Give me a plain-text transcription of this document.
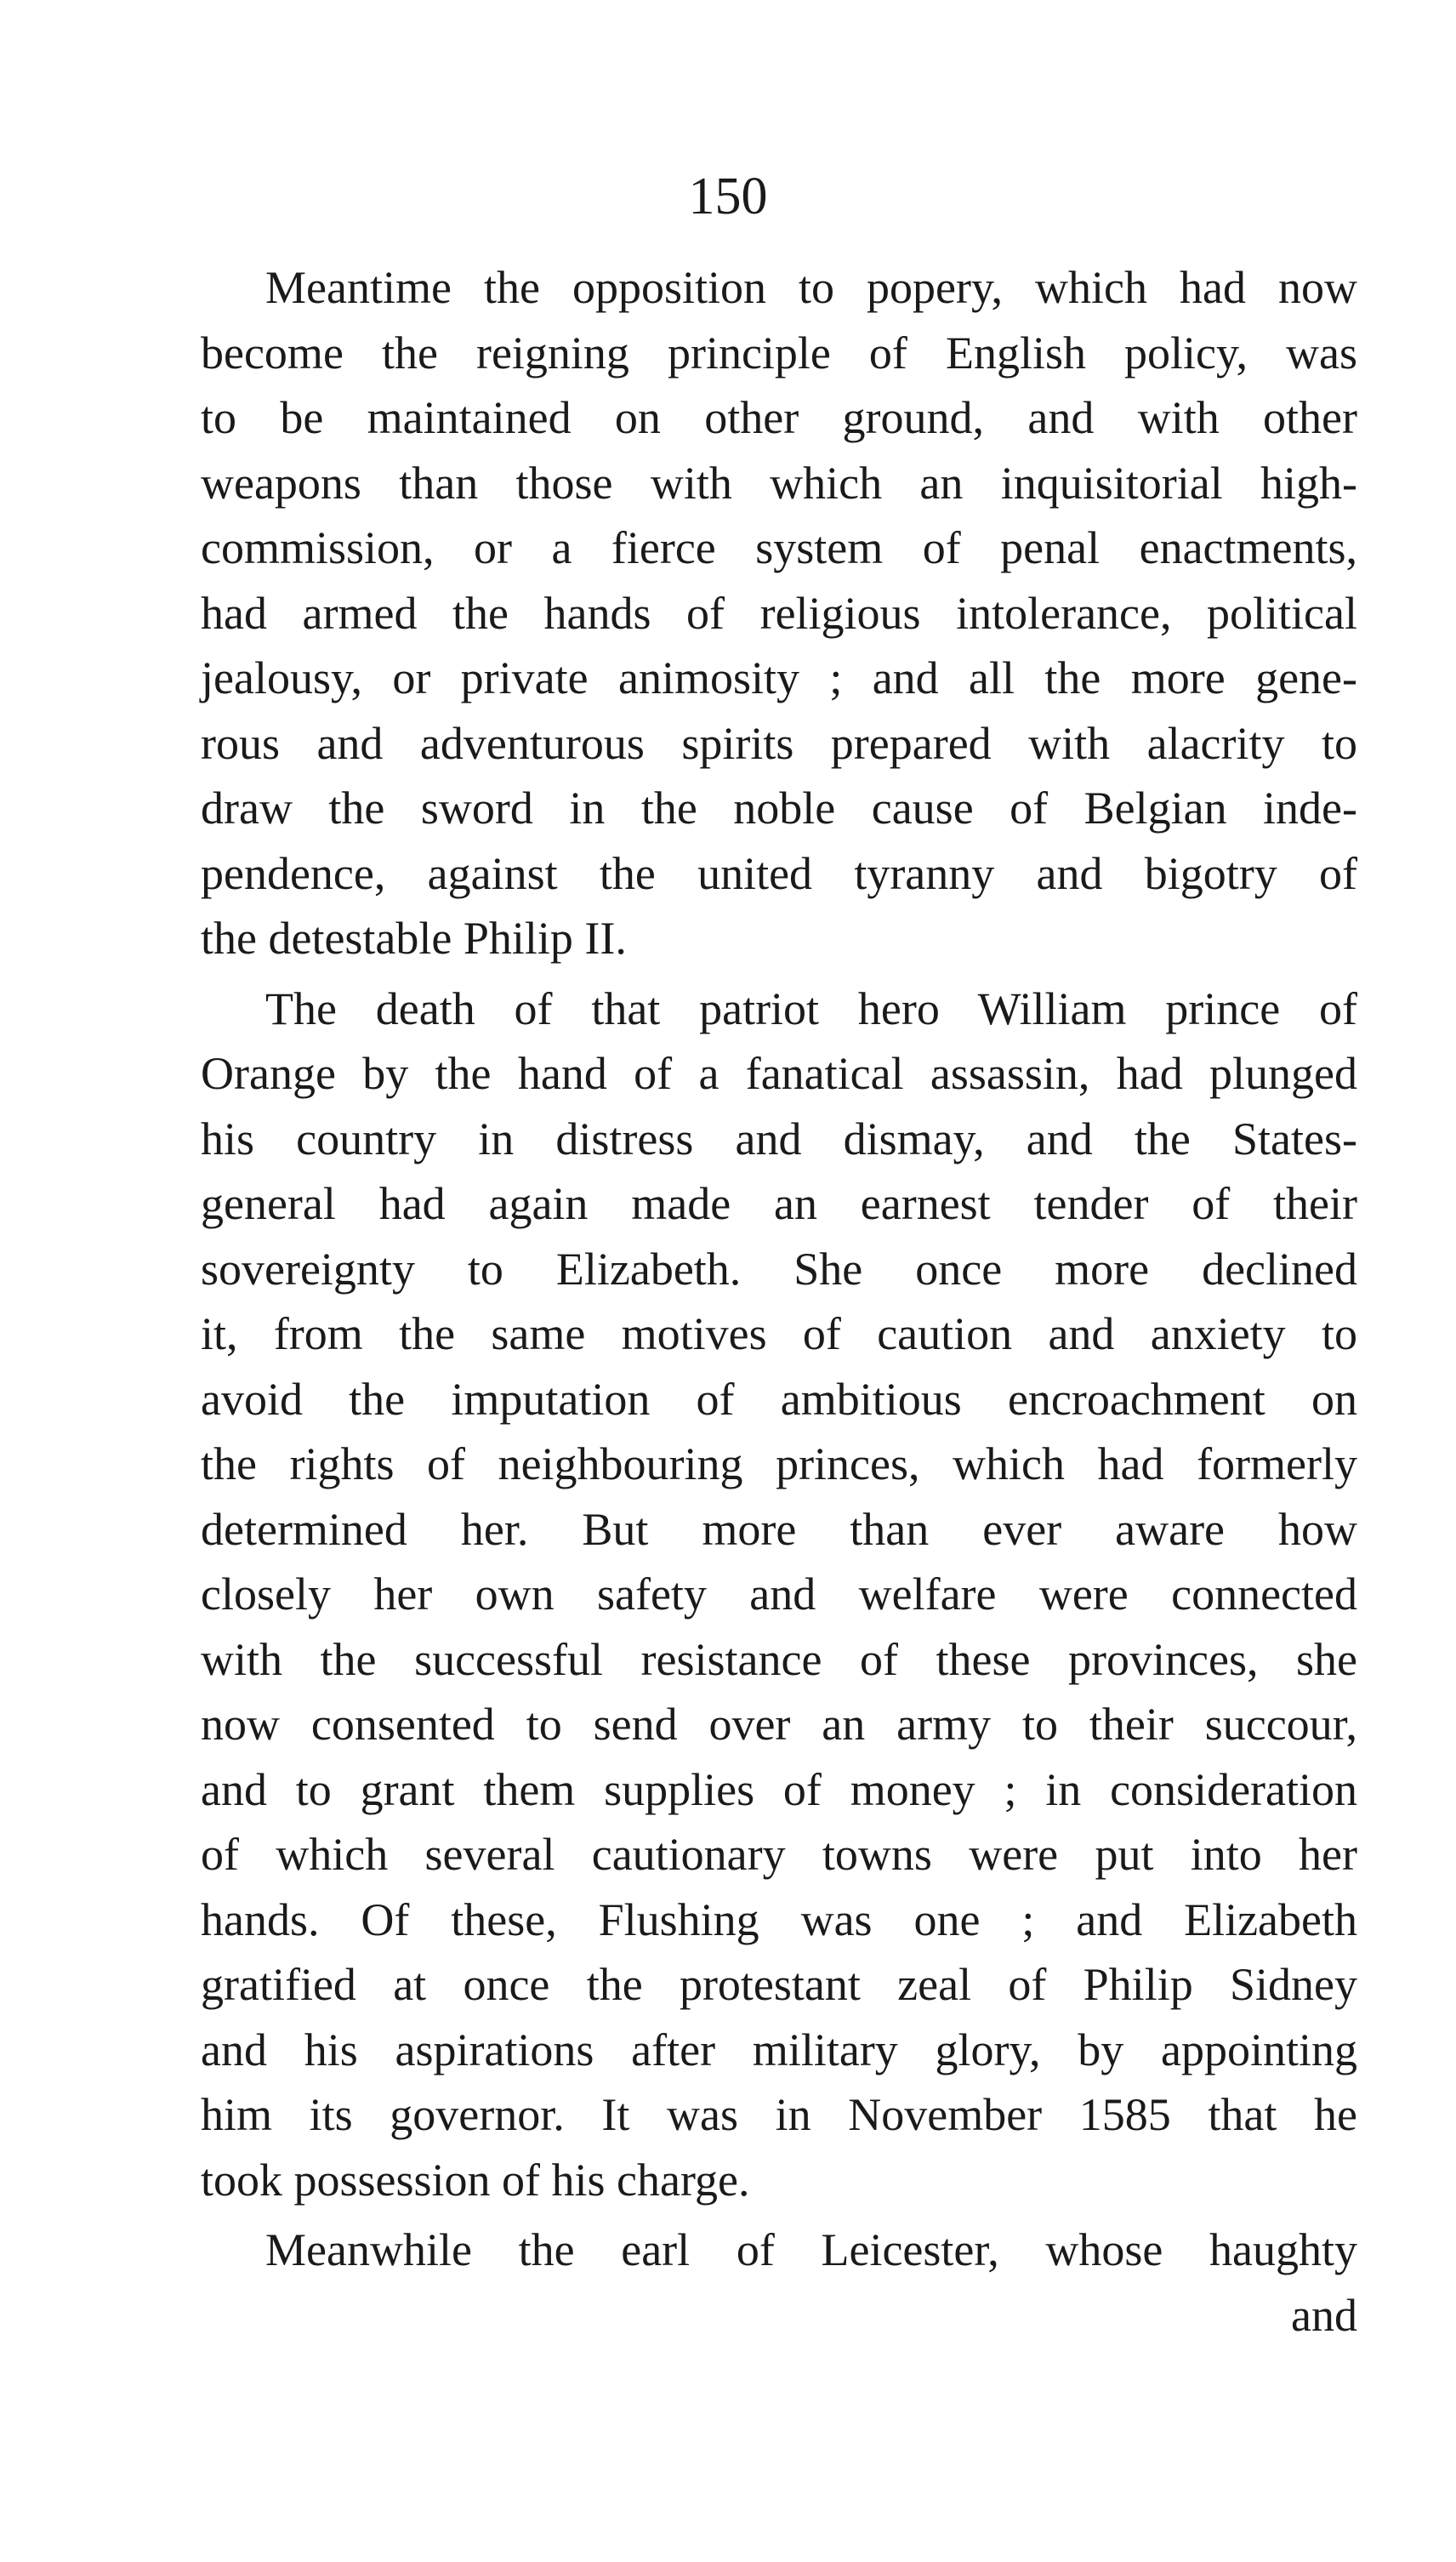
150
Meantime the opposition to popery, which had now
become the reigning principle of English policy, was
to be maintained on other ground, and with other
weapons than those with which an inquisitorial high-
commission, or a fierce system of penal enactments,
had armed the hands of religious intolerance, political
jealousy, or private animosity ; and all the more gene-
rous and adventurous spirits prepared with alacrity to
draw the sword in the noble cause of Belgian inde-
pendence, against the united tyranny and bigotry of
the detestable Philip II.
The death of that patriot hero William prince of
Orange by the hand of a fanatical assassin, had plunged
his country in distress and dismay, and the States-
general had again made an earnest tender of their
sovereignty to Elizabeth. She once more declined
it, from the same motives of caution and anxiety to
avoid the imputation of ambitious encroachment on
the rights of neighbouring princes, which had formerly
determined her. But more than ever aware how
closely her own safety and welfare were connected
with the successful resistance of these provinces, she
now consented to send over an army to their succour,
and to grant them supplies of money ; in consideration
of which several cautionary towns were put into her
hands. Of these, Flushing was one ; and Elizabeth
gratified at once the protestant zeal of Philip Sidney
and his aspirations after military glory, by appointing
him its governor. It was in November 1585 that he
took possession of his charge.
Meanwhile the earl of Leicester, whose haughty
and
